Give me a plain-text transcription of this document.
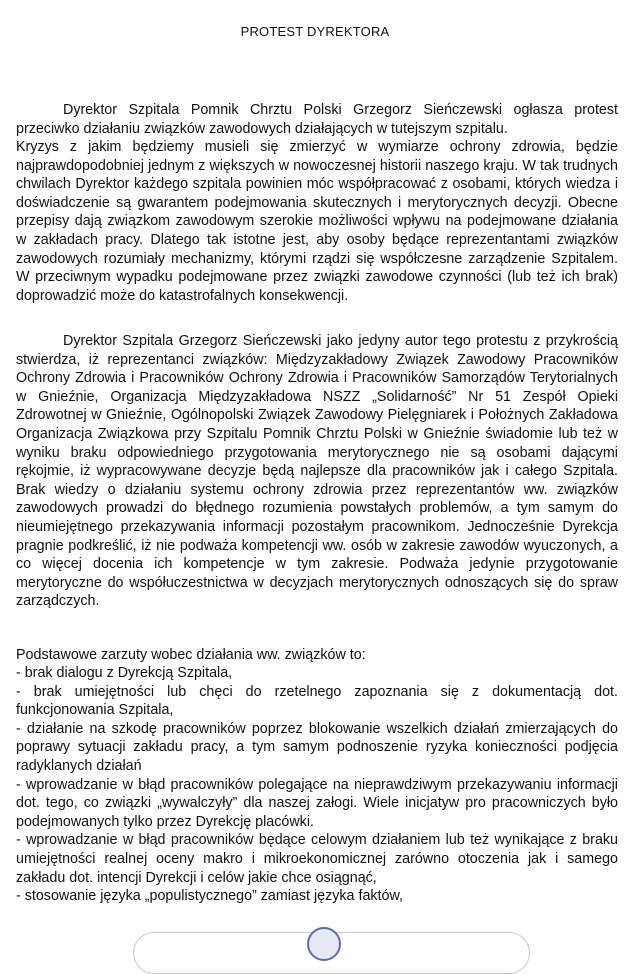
PROTEST DYREKTORA

Dyrektor Szpitala Pomnik Chrztu Polski Grzegorz Sieńczewski ogłasza protest przeciwko działaniu związków zawodowych działających w tutejszym szpitalu.

Kryzys z jakim będziemy musieli się zmierzyć w wymiarze ochrony zdrowia, będzie najprawdopodobniej jednym z większych w nowoczesnej historii naszego kraju. W tak trudnych chwilach Dyrektor każdego szpitala powinien móc współpracować z osobami, których wiedza i doświadczenie są gwarantem podejmowania skutecznych i merytorycznych decyzji. Obecne przepisy dają związkom zawodowym szerokie możliwości wpływu na podejmowane działania w zakładach pracy. Dlatego tak istotne jest, aby osoby będące reprezentantami związków zawodowych rozumiały mechanizmy, którymi rządzi się współczesne zarządzenie Szpitalem. W przeciwnym wypadku podejmowane przez związki zawodowe czynności (lub też ich brak) doprowadzić może do katastrofalnych konsekwencji.

Dyrektor Szpitala Grzegorz Sieńczewski jako jedyny autor tego protestu z przykrością stwierdza, iż reprezentanci związków: Międzyzakładowy Związek Zawodowy Pracowników Ochrony Zdrowia i Pracowników Ochrony Zdrowia i Pracowników Samorządów Terytorialnych w Gnieźnie, Organizacja Międzyzakładowa NSZZ „Solidarność” Nr 51 Zespół Opieki Zdrowotnej w Gnieźnie, Ogólnopolski Związek Zawodowy Pielęgniarek i Położnych Zakładowa Organizacja Związkowa przy Szpitalu Pomnik Chrztu Polski w Gnieźnie świadomie lub też w wyniku braku odpowiedniego przygotowania merytorycznego nie są osobami dającymi rękojmie, iż wypracowywane decyzje będą najlepsze dla pracowników jak i całego Szpitala. Brak wiedzy o działaniu systemu ochrony zdrowia przez reprezentantów ww. związków zawodowych prowadzi do błędnego rozumienia powstałych problemów, a tym samym do nieumiejętnego przekazywania informacji pozostałym pracownikom. Jednocześnie Dyrekcja pragnie podkreślić, iż nie podważa kompetencji ww. osób w zakresie zawodów wyuczonych, a co więcej docenia ich kompetencje w tym zakresie. Podważa jedynie przygotowanie merytoryczne do współuczestnictwa w decyzjach merytorycznych odnoszących się do spraw zarządczych.

Podstawowe zarzuty wobec działania ww. związków to:

- brak dialogu z Dyrekcją Szpitala,
- brak umiejętności lub chęci do rzetelnego zapoznania się z dokumentacją dot. funkcjonowania Szpitala,
- działanie na szkodę pracowników poprzez blokowanie wszelkich działań zmierzających do poprawy sytuacji zakładu pracy, a tym samym podnoszenie ryzyka konieczności podjęcia radyklanych działań
- wprowadzanie w błąd pracowników polegające na nieprawdziwym przekazywaniu informacji dot. tego, co związki „wywalczyły” dla naszej załogi. Wiele inicjatyw pro pracowniczych było podejmowanych tylko przez Dyrekcję placówki.
- wprowadzanie w błąd pracowników będące celowym działaniem lub też wynikające z braku umiejętności realnej oceny makro i mikroekonomicznej zarówno otoczenia jak i samego zakładu dot. intencji Dyrekcji i celów jakie chce osiągnąć,
- stosowanie języka „populistycznego” zamiast języka faktów,
